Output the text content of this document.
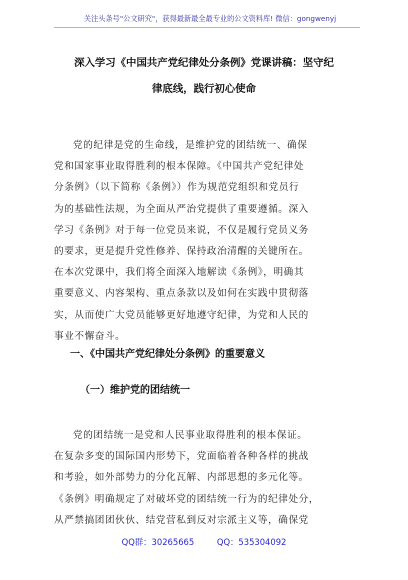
关注头条号"公文研究"，获得最新最全最专业的公文资料库! 微信：gongwenyj
深入学习《中国共产党纪律处分条例》党课讲稿：坚守纪
律底线，践行初心使命
党的纪律是党的生命线，是维护党的团结统一、确保
党和国家事业取得胜利的根本保障。《中国共产党纪律处
分条例》（以下简称《条例》）作为规范党组织和党员行
为的基础性法规，为全面从严治党提供了重要遵循。深入
学习《条例》对于每一位党员来说，不仅是履行党员义务
的要求，更是提升党性修养、保持政治清醒的关键所在。
在本次党课中，我们将全面深入地解读《条例》，明确其
重要意义、内容架构、重点条款以及如何在实践中贯彻落
实，从而使广大党员能够更好地遵守纪律，为党和人民的
事业不懈奋斗。
一、《中国共产党纪律处分条例》的重要意义
（一）维护党的团结统一
党的团结统一是党和人民事业取得胜利的根本保证。
在复杂多变的国际国内形势下，党面临着各种各样的挑战
和考验，如外部势力的分化瓦解、内部思想的多元化等。
《条例》明确规定了对破坏党的团结统一行为的纪律处分，
从严禁搞团团伙伙、结党营私到反对宗派主义等，确保党
QQ群：30265665	QQ：535304092
